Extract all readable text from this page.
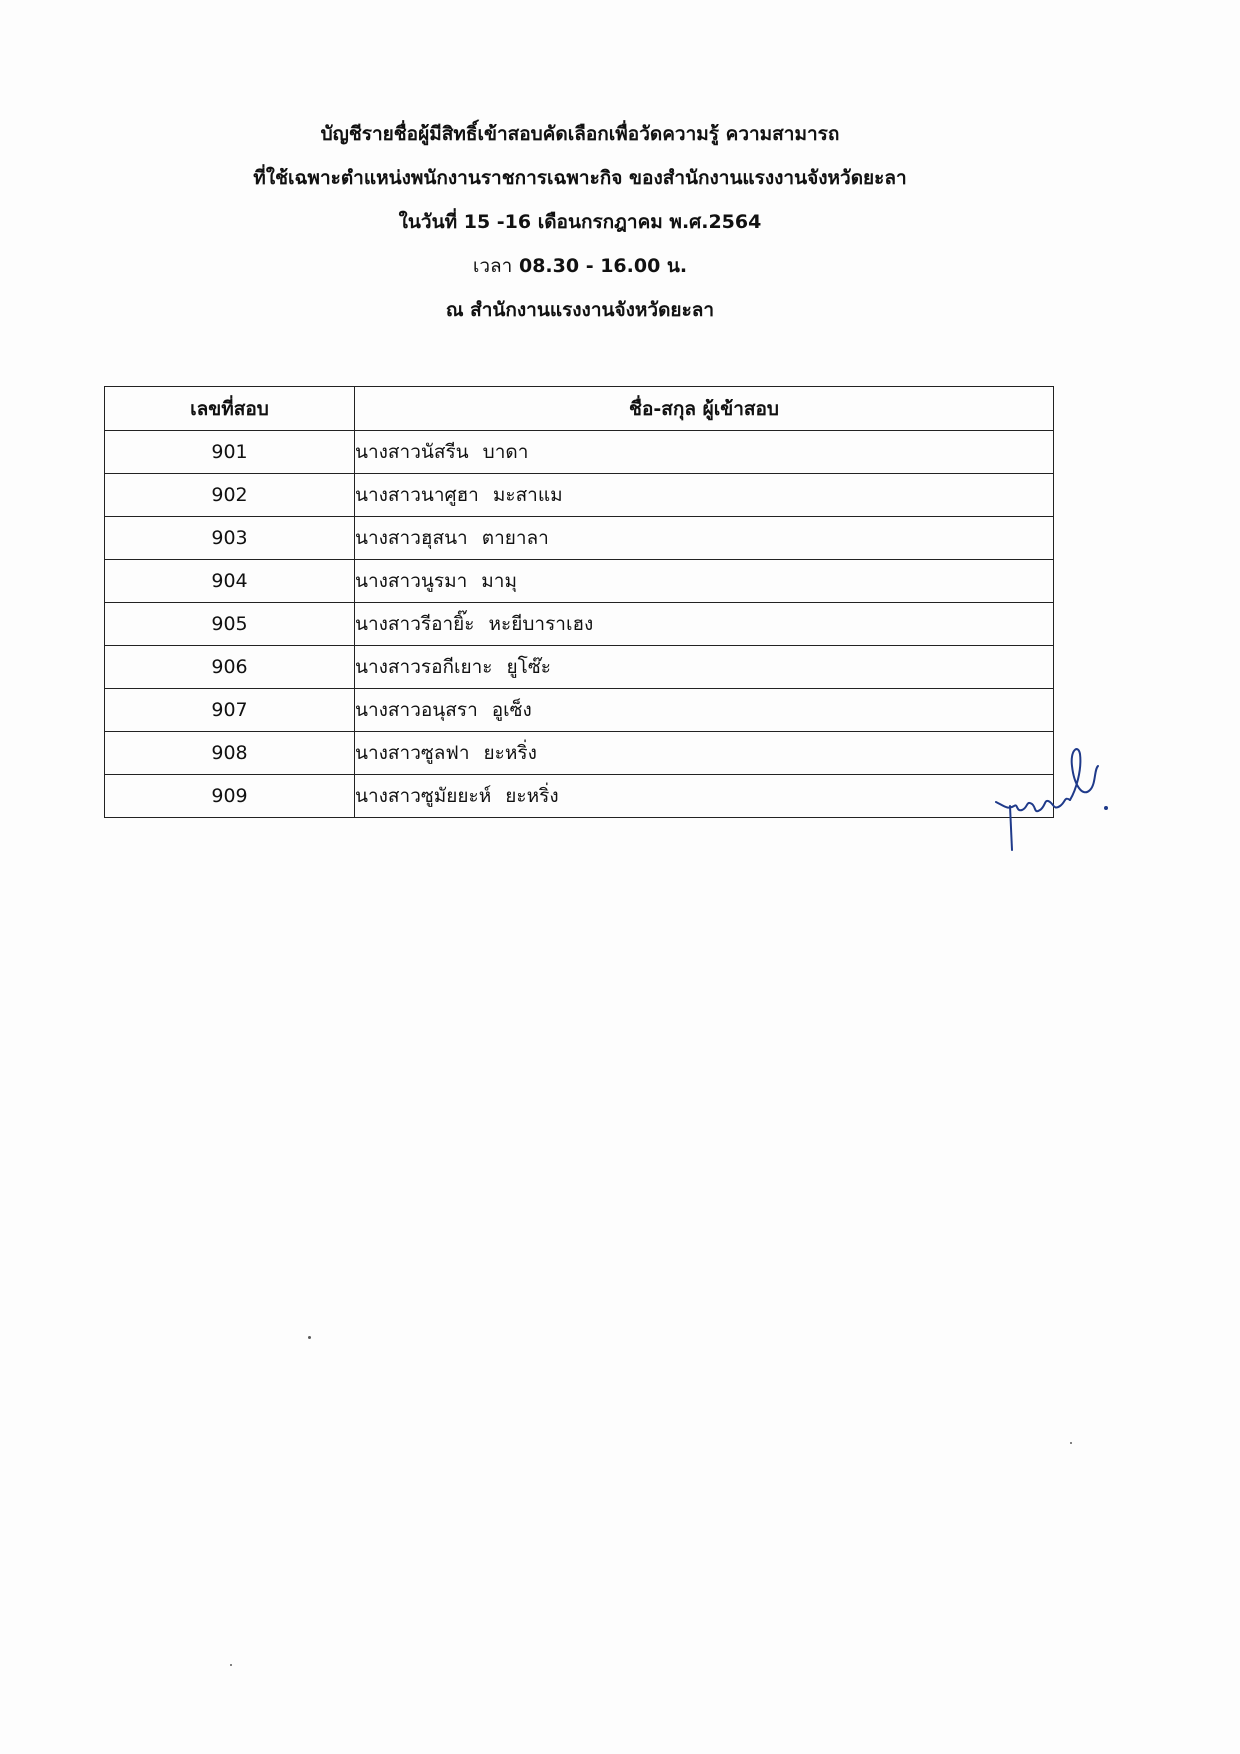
บัญชีรายชื่อผู้มีสิทธิ์เข้าสอบคัดเลือกเพื่อวัดความรู้ ความสามารถ
ที่ใช้เฉพาะตำแหน่งพนักงานราชการเฉพาะกิจ ของสำนักงานแรงงานจังหวัดยะลา
ในวันที่ 15 -16 เดือนกรกฎาคม พ.ศ.2564
เวลา 08.30 - 16.00 น.
ณ สำนักงานแรงงานจังหวัดยะลา
เลขที่สอบ	ชื่อ-สกุล ผู้เข้าสอบ
901	นางสาวนัสรีน บาดา
902	นางสาวนาศูฮา มะสาแม
903	นางสาวฮุสนา ตายาลา
904	นางสาวนูรมา มามุ
905	นางสาวรีอายิ๊ะ หะยีบาราเฮง
906	นางสาวรอกีเยาะ ยูโซ๊ะ
907	นางสาวอนุสรา อูเซ็ง
908	นางสาวซูลฟา ยะหริ่ง
909	นางสาวซูมัยยะห์ ยะหริ่ง
